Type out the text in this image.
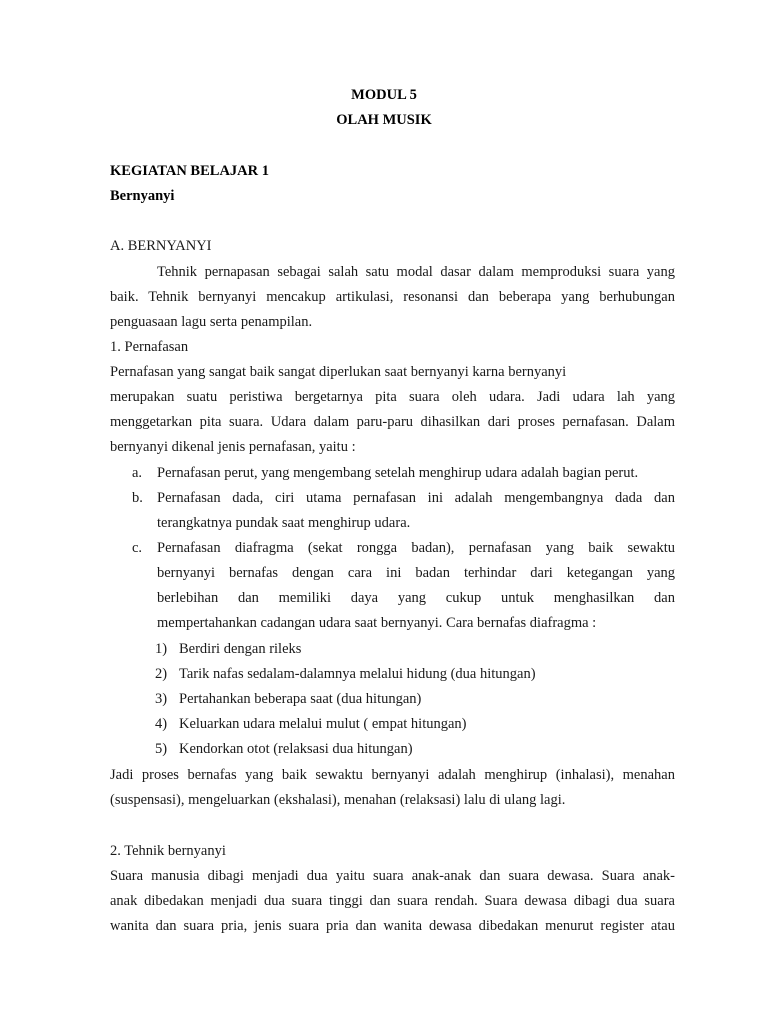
MODUL 5

OLAH MUSIK

KEGIATAN BELAJAR 1

Bernyanyi

A. BERNYANYI

Tehnik pernapasan sebagai salah satu modal dasar dalam memproduksi suara yang

baik. Tehnik bernyanyi mencakup artikulasi, resonansi dan beberapa yang berhubungan

penguasaan lagu serta penampilan.

1. Pernafasan

Pernafasan yang sangat baik sangat diperlukan saat bernyanyi karna bernyanyi

merupakan suatu peristiwa bergetarnya pita suara oleh udara. Jadi udara lah yang

menggetarkan pita suara. Udara dalam paru-paru dihasilkan dari proses pernafasan. Dalam

bernyanyi dikenal jenis pernafasan, yaitu :

a. Pernafasan perut, yang mengembang setelah menghirup udara adalah bagian perut.

b. Pernafasan dada, ciri utama pernafasan ini adalah mengembangnya dada dan

terangkatnya pundak saat menghirup udara.

c. Pernafasan diafragma (sekat rongga badan), pernafasan yang baik sewaktu

bernyanyi bernafas dengan cara ini badan terhindar dari ketegangan yang

berlebihan dan memiliki daya yang cukup untuk menghasilkan dan

mempertahankan cadangan udara saat bernyanyi. Cara bernafas diafragma :

1) Berdiri dengan rileks

2) Tarik nafas sedalam-dalamnya melalui hidung (dua hitungan)

3) Pertahankan beberapa saat (dua hitungan)

4) Keluarkan udara melalui mulut ( empat hitungan)

5) Kendorkan otot (relaksasi dua hitungan)

Jadi proses bernafas yang baik sewaktu bernyanyi adalah menghirup (inhalasi), menahan

(suspensasi), mengeluarkan (ekshalasi), menahan (relaksasi) lalu di ulang lagi.

2. Tehnik bernyanyi

Suara manusia dibagi menjadi dua yaitu suara anak-anak dan suara dewasa. Suara anak-

anak dibedakan menjadi dua suara tinggi dan suara rendah. Suara dewasa dibagi dua suara

wanita dan suara pria, jenis suara pria dan wanita dewasa dibedakan menurut register atau
